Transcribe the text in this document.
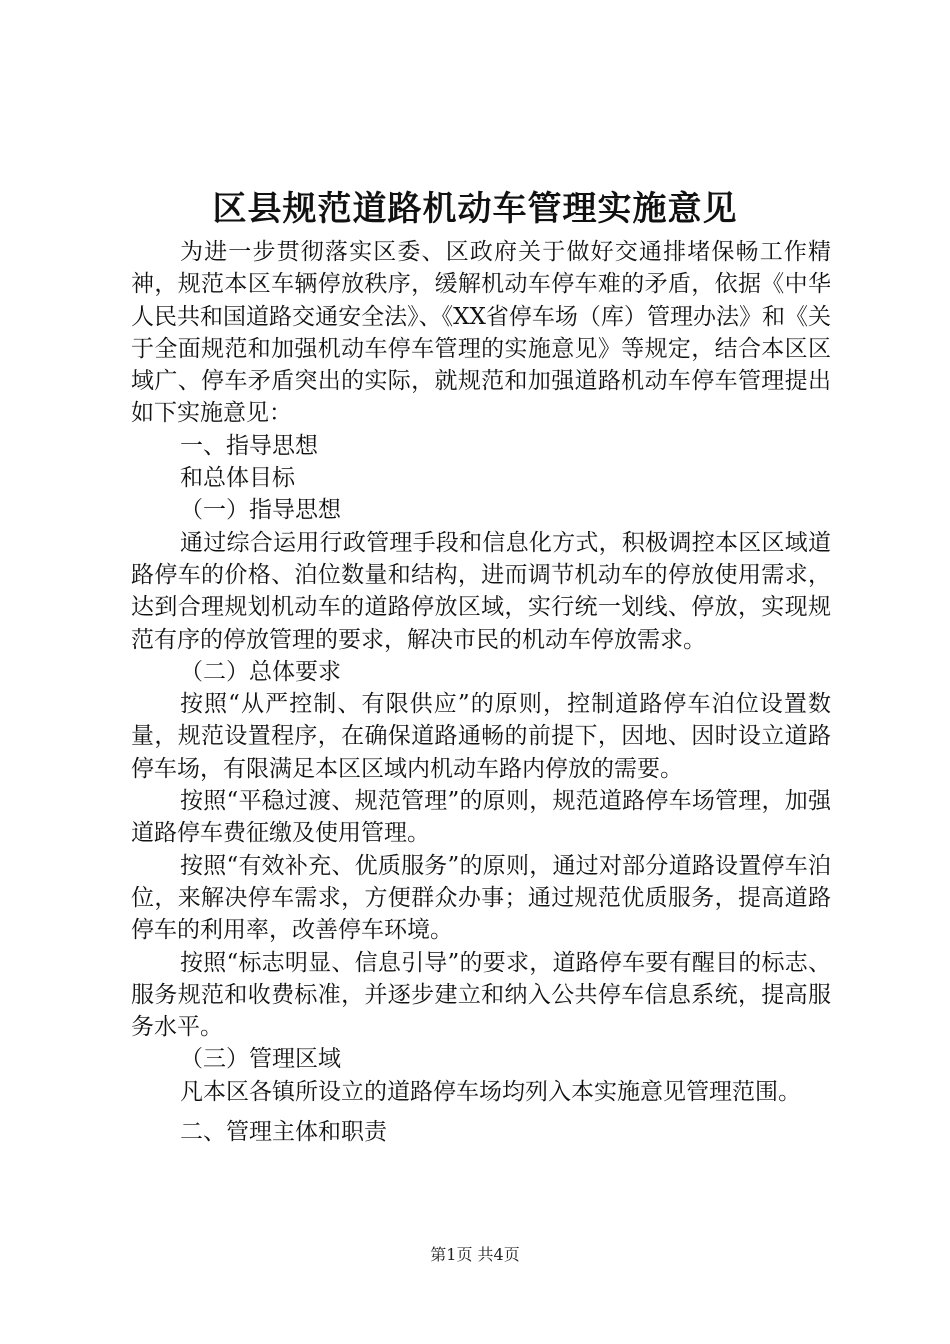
区县规范道路机动车管理实施意见

为进一步贯彻落实区委、区政府关于做好交通排堵保畅工作精神，规范本区车辆停放秩序，缓解机动车停车难的矛盾，依据《中华人民共和国道路交通安全法》、《XX省停车场（库）管理办法》和《关于全面规范和加强机动车停车管理的实施意见》等规定，结合本区区域广、停车矛盾突出的实际，就规范和加强道路机动车停车管理提出如下实施意见：

一、指导思想

和总体目标

（一）指导思想

通过综合运用行政管理手段和信息化方式，积极调控本区区域道路停车的价格、泊位数量和结构，进而调节机动车的停放使用需求，达到合理规划机动车的道路停放区域，实行统一划线、停放，实现规范有序的停放管理的要求，解决市民的机动车停放需求。

（二）总体要求

按照“从严控制、有限供应”的原则，控制道路停车泊位设置数量，规范设置程序，在确保道路通畅的前提下，因地、因时设立道路停车场，有限满足本区区域内机动车路内停放的需要。

按照“平稳过渡、规范管理”的原则，规范道路停车场管理，加强道路停车费征缴及使用管理。

按照“有效补充、优质服务”的原则，通过对部分道路设置停车泊位，来解决停车需求，方便群众办事；通过规范优质服务，提高道路停车的利用率，改善停车环境。

按照“标志明显、信息引导”的要求，道路停车要有醒目的标志、服务规范和收费标准，并逐步建立和纳入公共停车信息系统，提高服务水平。

（三）管理区域

凡本区各镇所设立的道路停车场均列入本实施意见管理范围。

二、管理主体和职责

第1页 共4页
